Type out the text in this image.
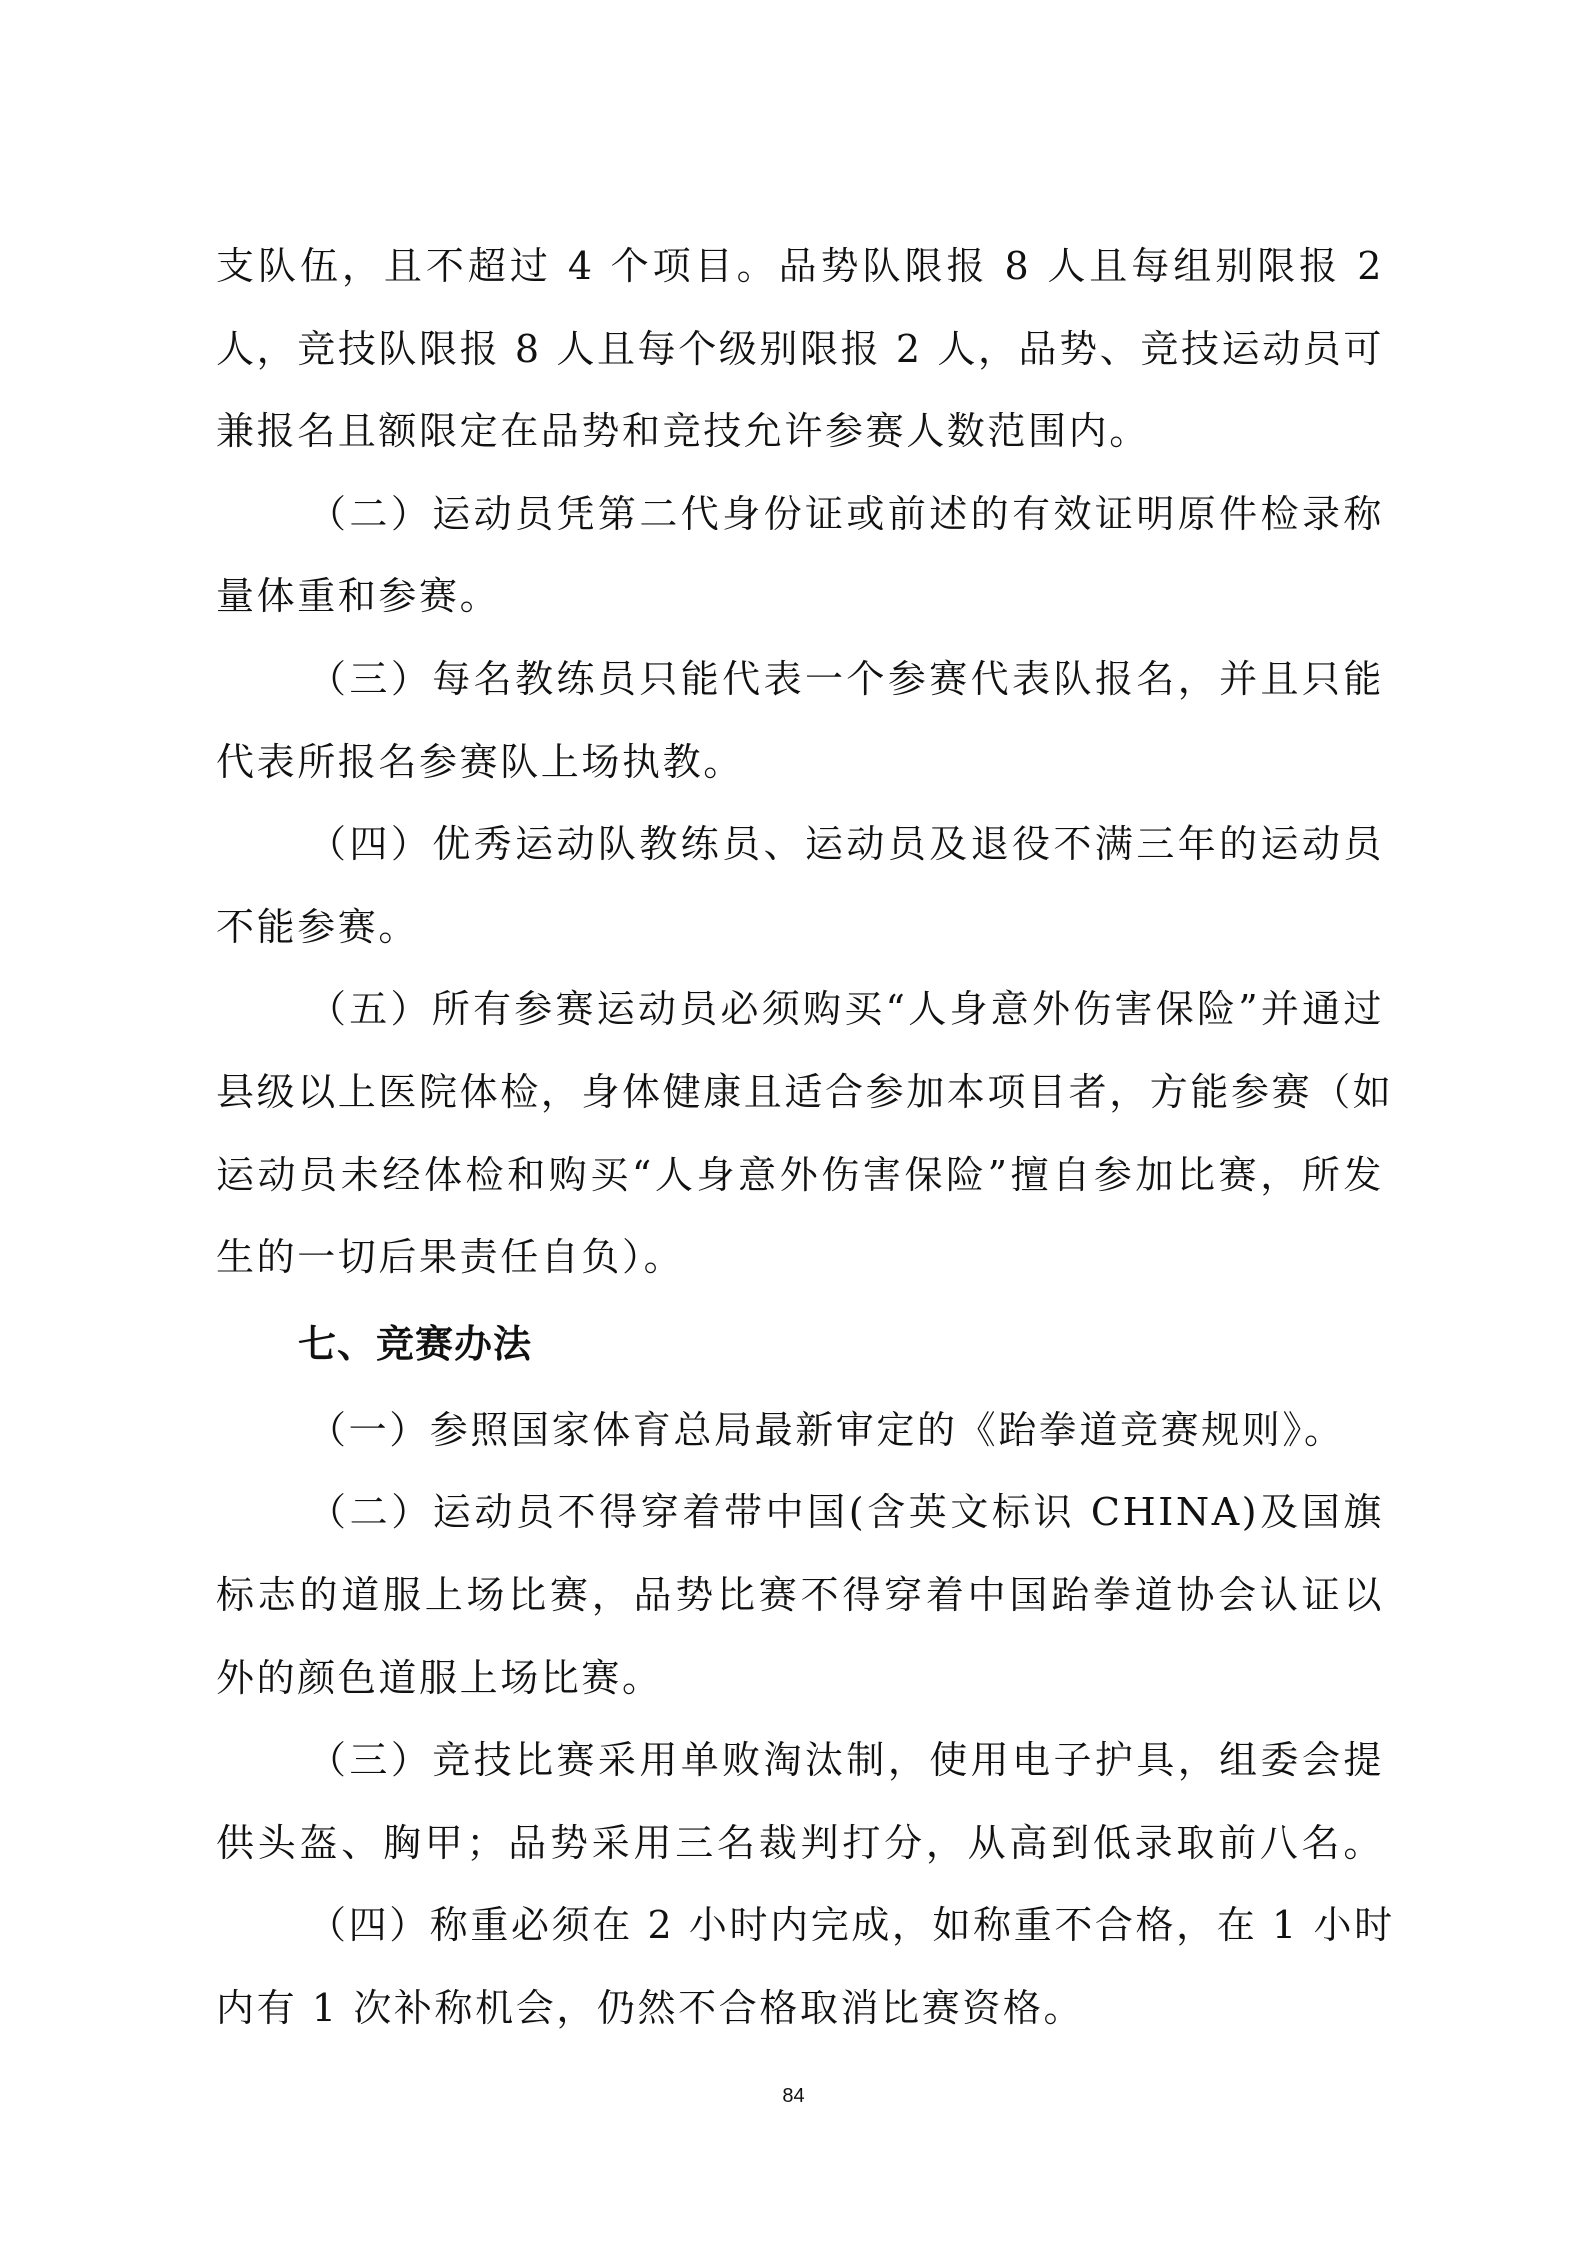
支队伍，且不超过 4 个项目。品势队限报 8 人且每组别限报 2
人，竞技队限报 8 人且每个级别限报 2 人，品势、竞技运动员可
兼报名且额限定在品势和竞技允许参赛人数范围内。
（二）运动员凭第二代身份证或前述的有效证明原件检录称
量体重和参赛。
（三）每名教练员只能代表一个参赛代表队报名，并且只能
代表所报名参赛队上场执教。
（四）优秀运动队教练员、运动员及退役不满三年的运动员
不能参赛。
（五）所有参赛运动员必须购买“人身意外伤害保险”并通过
县级以上医院体检，身体健康且适合参加本项目者，方能参赛（如
运动员未经体检和购买“人身意外伤害保险”擅自参加比赛，所发
生的一切后果责任自负）。
七、竞赛办法
（一）参照国家体育总局最新审定的《跆拳道竞赛规则》。
（二）运动员不得穿着带中国(含英文标识 CHINA)及国旗
标志的道服上场比赛，品势比赛不得穿着中国跆拳道协会认证以
外的颜色道服上场比赛。
（三）竞技比赛采用单败淘汰制，使用电子护具，组委会提
供头盔、胸甲；品势采用三名裁判打分，从高到低录取前八名。
（四）称重必须在 2 小时内完成，如称重不合格，在 1 小时
内有 1 次补称机会，仍然不合格取消比赛资格。
84
